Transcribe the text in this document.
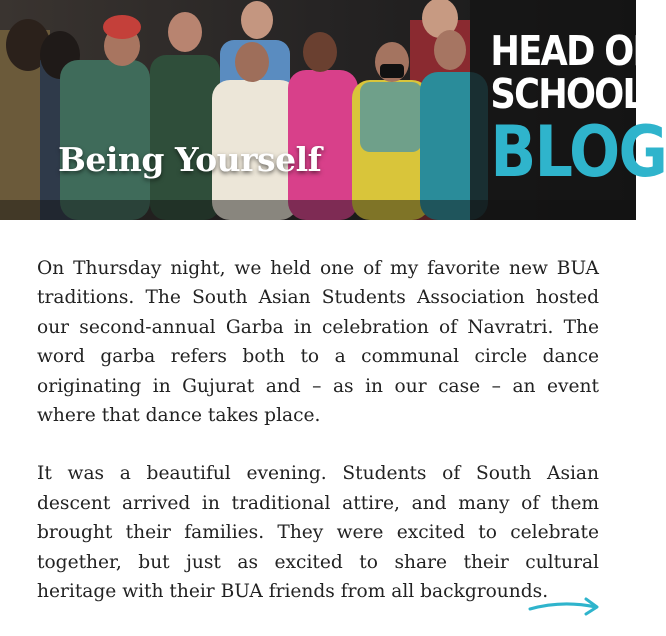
Being Yourself
HEAD OF
SCHOOL
BLOG

On Thursday night, we held one of my favorite new BUA traditions. The South Asian Students Association hosted our second-annual Garba in celebration of Navratri. The word garba refers both to a communal circle dance originating in Gujurat and – as in our case – an event where that dance takes place.

It was a beautiful evening. Students of South Asian descent arrived in traditional attire, and many of them brought their families. They were excited to celebrate together, but just as excited to share their cultural heritage with their BUA friends from all backgrounds.
